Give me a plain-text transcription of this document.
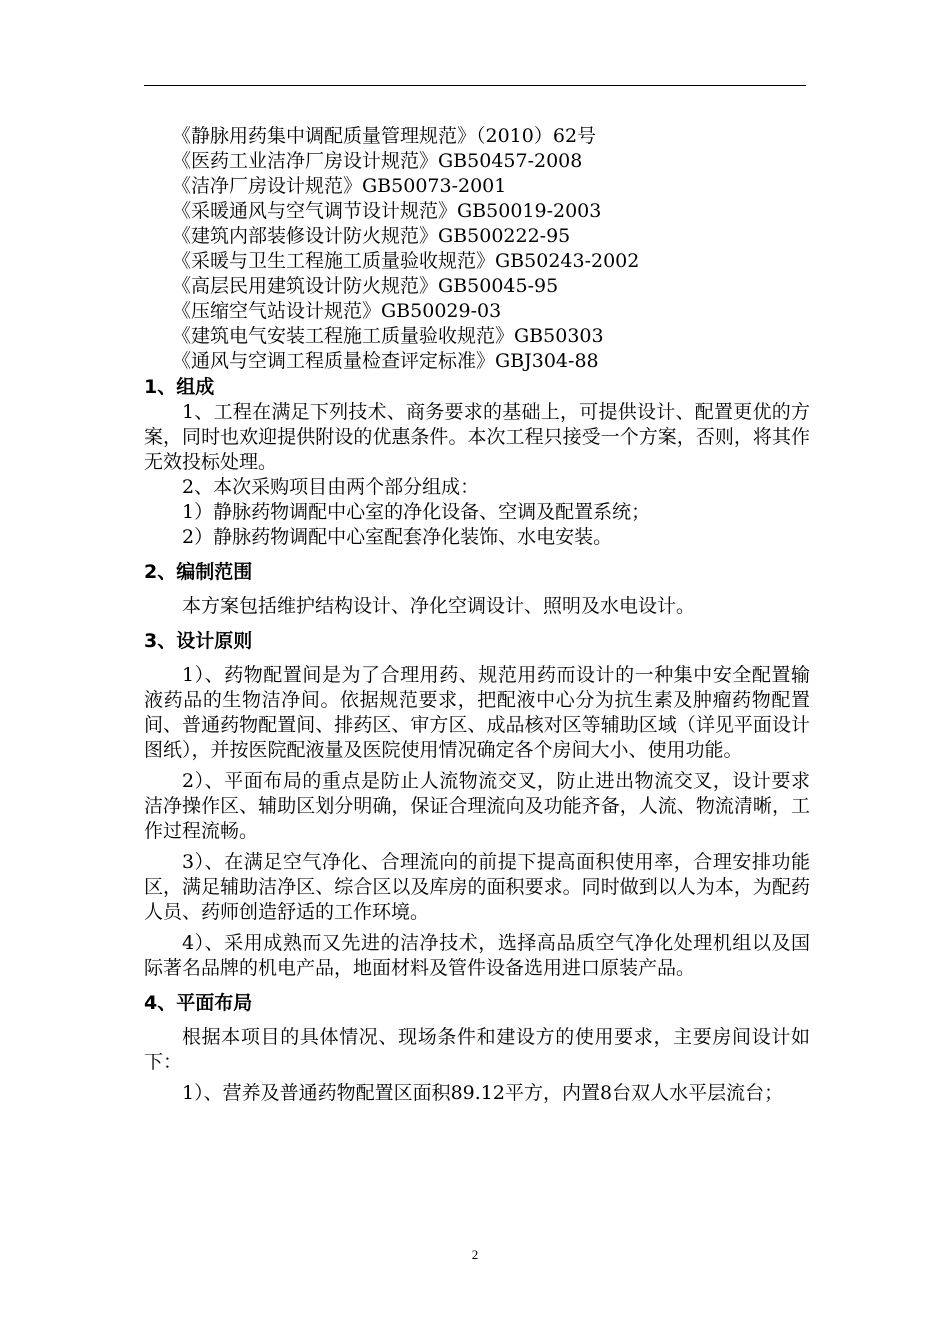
《静脉用药集中调配质量管理规范》（2010）62号
《医药工业洁净厂房设计规范》GB50457-2008
《洁净厂房设计规范》GB50073-2001
《采暖通风与空气调节设计规范》GB50019-2003
《建筑内部装修设计防火规范》GB500222-95
《采暖与卫生工程施工质量验收规范》GB50243-2002
《高层民用建筑设计防火规范》GB50045-95
《压缩空气站设计规范》GB50029-03
《建筑电气安装工程施工质量验收规范》GB50303
《通风与空调工程质量检查评定标准》GBJ304-88
1、组成

1、工程在满足下列技术、商务要求的基础上，可提供设计、配置更优的方案，同时也欢迎提供附设的优惠条件。本次工程只接受一个方案，否则，将其作无效投标处理。

2、本次采购项目由两个部分组成：

1）静脉药物调配中心室的净化设备、空调及配置系统；

2）静脉药物调配中心室配套净化装饰、水电安装。

2、编制范围

本方案包括维护结构设计、净化空调设计、照明及水电设计。

3、设计原则

1）、药物配置间是为了合理用药、规范用药而设计的一种集中安全配置输液药品的生物洁净间。依据规范要求，把配液中心分为抗生素及肿瘤药物配置间、普通药物配置间、排药区、审方区、成品核对区等辅助区域（详见平面设计图纸），并按医院配液量及医院使用情况确定各个房间大小、使用功能。

2）、平面布局的重点是防止人流物流交叉，防止进出物流交叉，设计要求洁净操作区、辅助区划分明确，保证合理流向及功能齐备，人流、物流清晰，工作过程流畅。

3）、在满足空气净化、合理流向的前提下提高面积使用率，合理安排功能区，满足辅助洁净区、综合区以及库房的面积要求。同时做到以人为本，为配药人员、药师创造舒适的工作环境。

4）、采用成熟而又先进的洁净技术，选择高品质空气净化处理机组以及国际著名品牌的机电产品，地面材料及管件设备选用进口原装产品。

4、平面布局

根据本项目的具体情况、现场条件和建设方的使用要求，主要房间设计如下：

1）、营养及普通药物配置区面积89.12平方，内置8台双人水平层流台；

2
